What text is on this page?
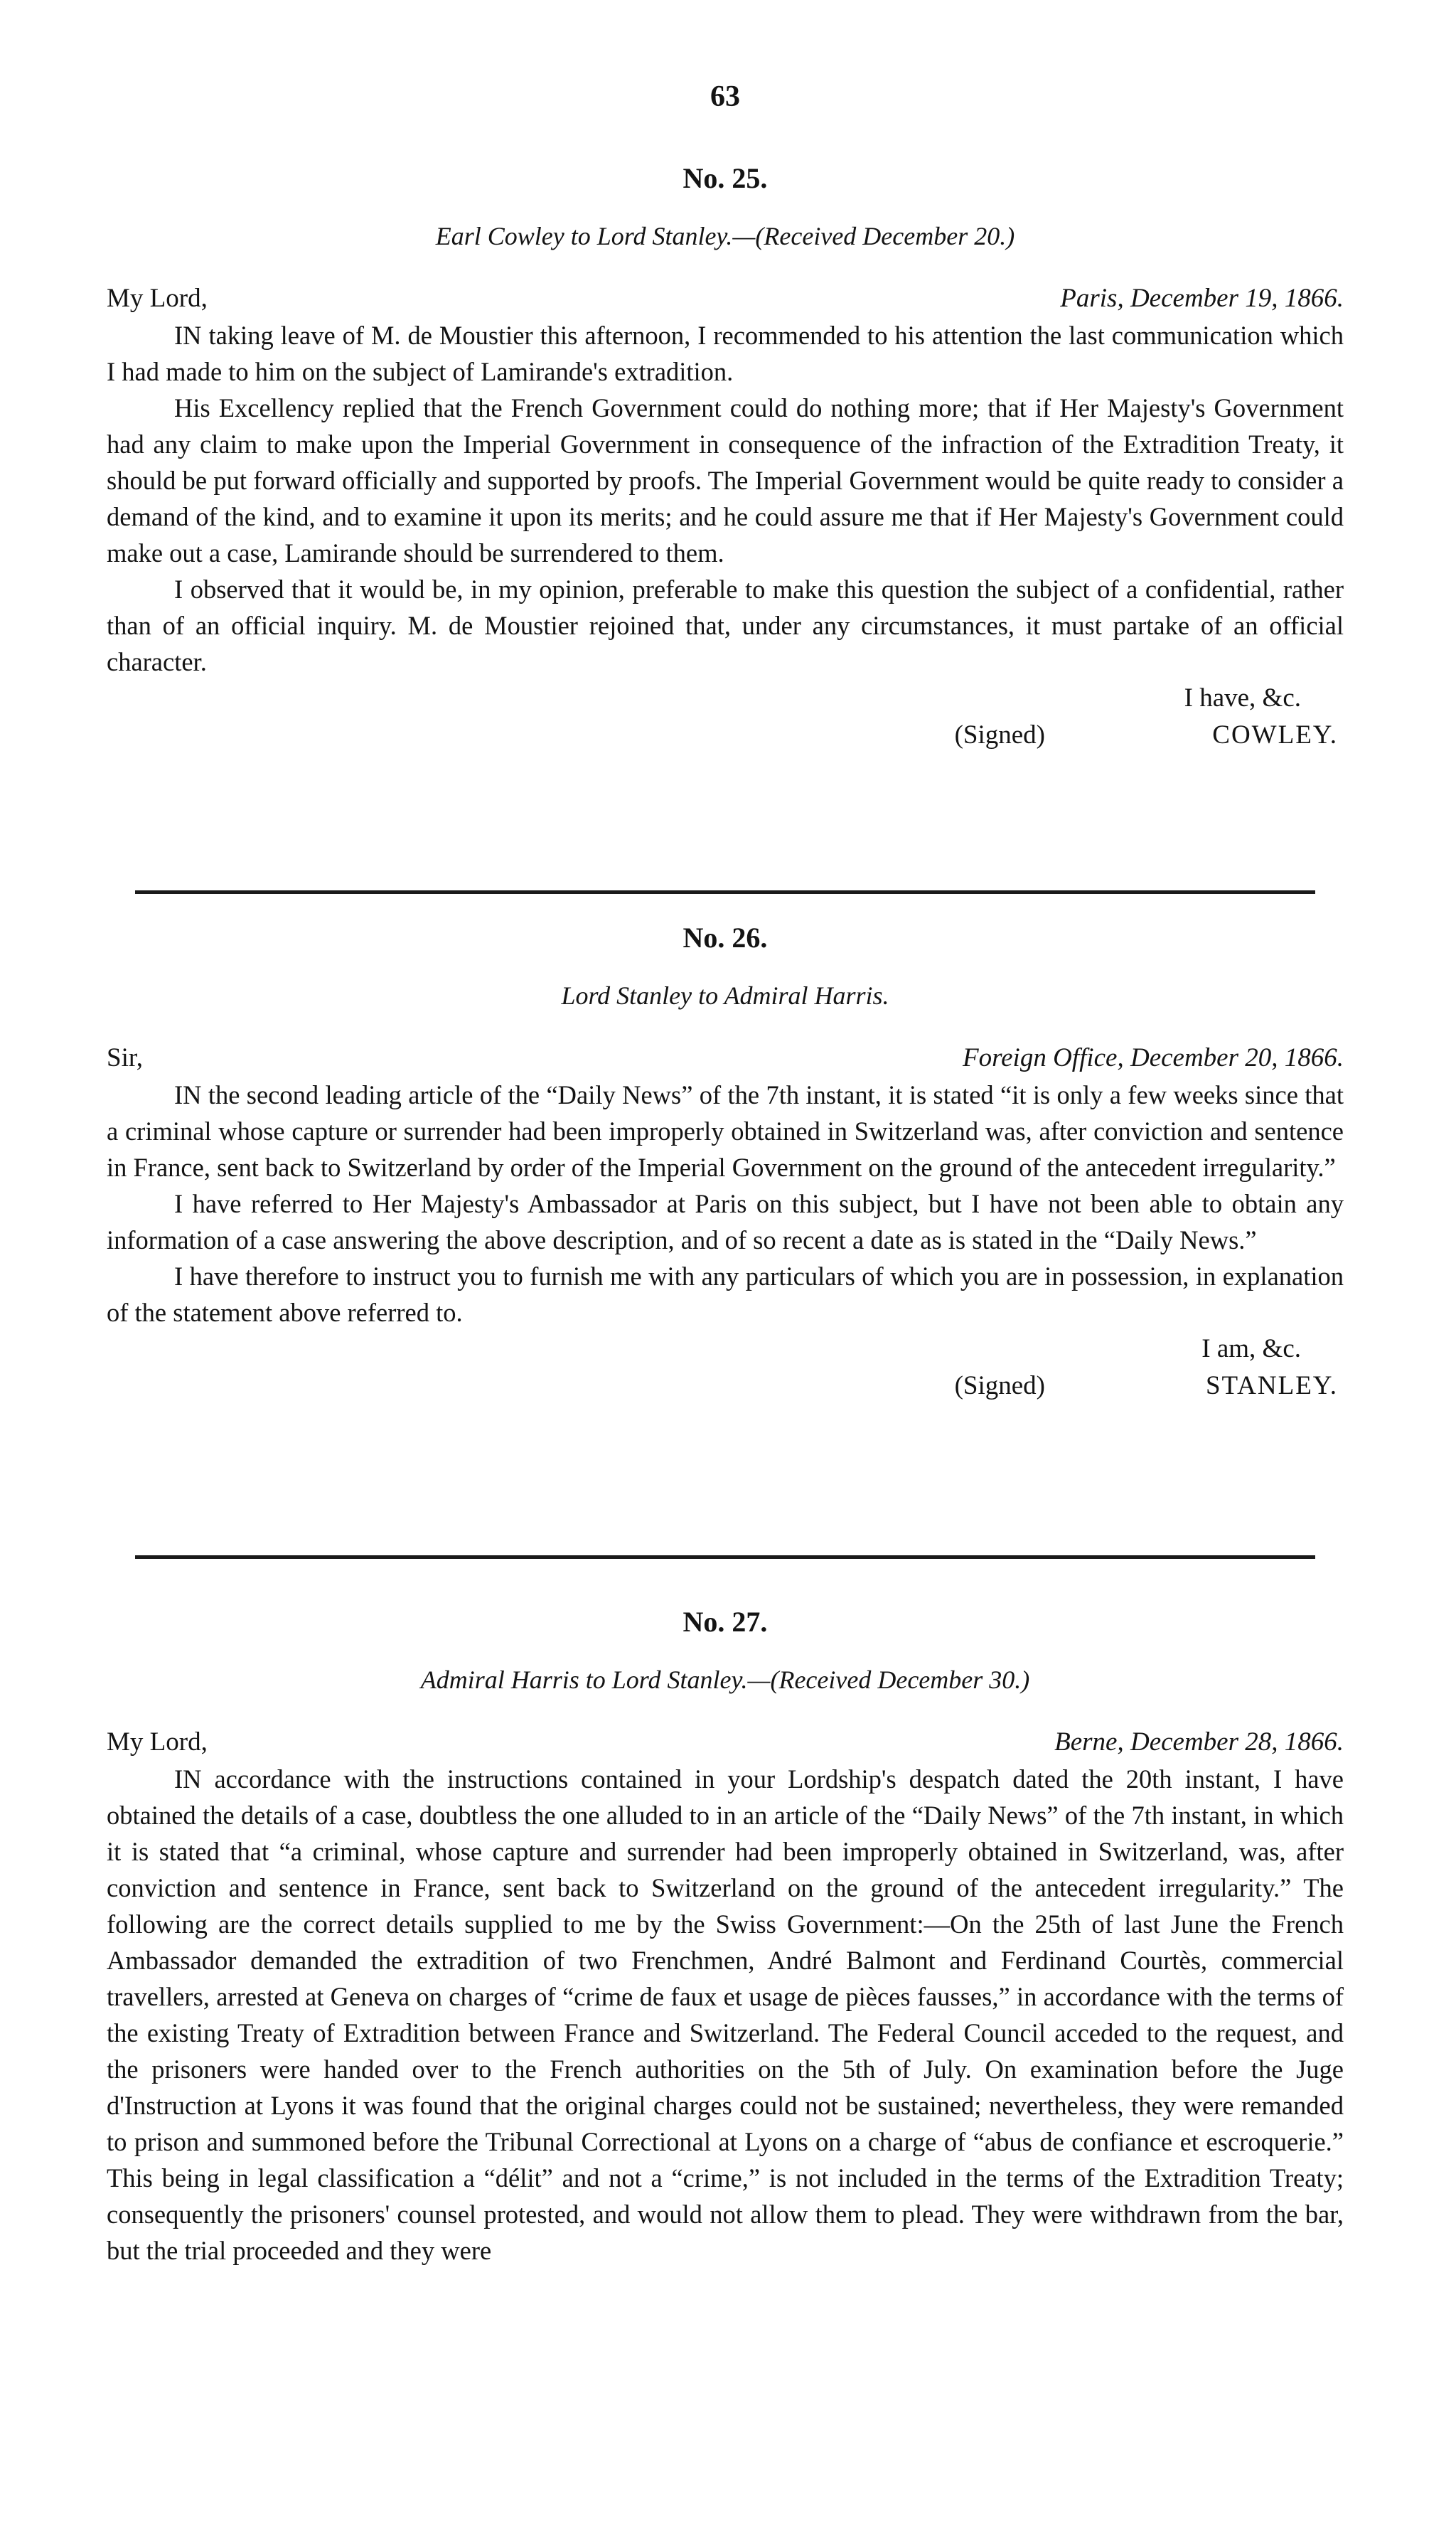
63
No. 25.
Earl Cowley to Lord Stanley.—(Received December 20.)
My Lord,	Paris, December 19, 1866.

IN taking leave of M. de Moustier this afternoon, I recommended to his attention the last communication which I had made to him on the subject of Lamirande's extradition.

His Excellency replied that the French Government could do nothing more; that if Her Majesty's Government had any claim to make upon the Imperial Government in consequence of the infraction of the Extradition Treaty, it should be put forward officially and supported by proofs. The Imperial Government would be quite ready to consider a demand of the kind, and to examine it upon its merits; and he could assure me that if Her Majesty's Government could make out a case, Lamirande should be surrendered to them.

I observed that it would be, in my opinion, preferable to make this question the subject of a confidential, rather than of an official inquiry. M. de Moustier rejoined that, under any circumstances, it must partake of an official character.

I have, &c.
(Signed)	COWLEY.
No. 26.
Lord Stanley to Admiral Harris.
Sir,	Foreign Office, December 20, 1866.

IN the second leading article of the “Daily News” of the 7th instant, it is stated “it is only a few weeks since that a criminal whose capture or surrender had been improperly obtained in Switzerland was, after conviction and sentence in France, sent back to Switzerland by order of the Imperial Government on the ground of the antecedent irregularity.”

I have referred to Her Majesty's Ambassador at Paris on this subject, but I have not been able to obtain any information of a case answering the above description, and of so recent a date as is stated in the “Daily News.”

I have therefore to instruct you to furnish me with any particulars of which you are in possession, in explanation of the statement above referred to.

I am, &c.
(Signed)	STANLEY.
No. 27.
Admiral Harris to Lord Stanley.—(Received December 30.)
My Lord,	Berne, December 28, 1866.

IN accordance with the instructions contained in your Lordship's despatch dated the 20th instant, I have obtained the details of a case, doubtless the one alluded to in an article of the “Daily News” of the 7th instant, in which it is stated that “a criminal, whose capture and surrender had been improperly obtained in Switzerland, was, after conviction and sentence in France, sent back to Switzerland on the ground of the antecedent irregularity.” The following are the correct details supplied to me by the Swiss Government:—On the 25th of last June the French Ambassador demanded the extradition of two Frenchmen, André Balmont and Ferdinand Courtès, commercial travellers, arrested at Geneva on charges of “crime de faux et usage de pièces fausses,” in accordance with the terms of the existing Treaty of Extradition between France and Switzerland. The Federal Council acceded to the request, and the prisoners were handed over to the French authorities on the 5th of July. On examination before the Juge d'Instruction at Lyons it was found that the original charges could not be sustained; nevertheless, they were remanded to prison and summoned before the Tribunal Correctional at Lyons on a charge of “abus de confiance et escroquerie.” This being in legal classification a “délit” and not a “crime,” is not included in the terms of the Extradition Treaty; consequently the prisoners' counsel protested, and would not allow them to plead. They were withdrawn from the bar, but the trial proceeded and they were
